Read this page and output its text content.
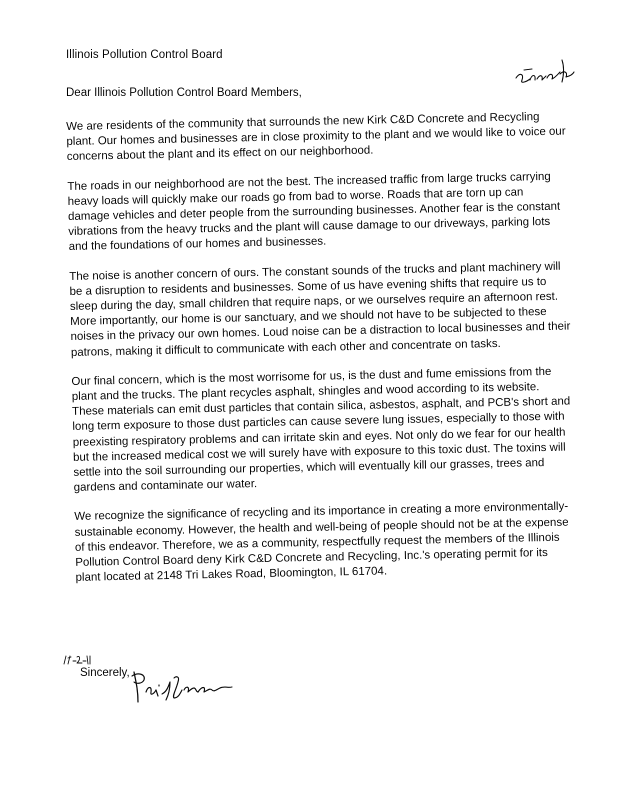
Illinois Pollution Control Board
Dear Illinois Pollution Control Board Members,

We are residents of the community that surrounds the new Kirk C&D Concrete and Recycling plant. Our homes and businesses are in close proximity to the plant and we would like to voice our concerns about the plant and its effect on our neighborhood.

The roads in our neighborhood are not the best. The increased traffic from large trucks carrying heavy loads will quickly make our roads go from bad to worse. Roads that are torn up can damage vehicles and deter people from the surrounding businesses. Another fear is the constant vibrations from the heavy trucks and the plant will cause damage to our driveways, parking lots and the foundations of our homes and businesses.

The noise is another concern of ours. The constant sounds of the trucks and plant machinery will be a disruption to residents and businesses. Some of us have evening shifts that require us to sleep during the day, small children that require naps, or we ourselves require an afternoon rest. More importantly, our home is our sanctuary, and we should not have to be subjected to these noises in the privacy our own homes. Loud noise can be a distraction to local businesses and their patrons, making it difficult to communicate with each other and concentrate on tasks.

Our final concern, which is the most worrisome for us, is the dust and fume emissions from the plant and the trucks. The plant recycles asphalt, shingles and wood according to its website. These materials can emit dust particles that contain silica, asbestos, asphalt, and PCB's short and long term exposure to those dust particles can cause severe lung issues, especially to those with preexisting respiratory problems and can irritate skin and eyes. Not only do we fear for our health but the increased medical cost we will surely have with exposure to this toxic dust. The toxins will settle into the soil surrounding our properties, which will eventually kill our grasses, trees and gardens and contaminate our water.

We recognize the significance of recycling and its importance in creating a more environmentally-sustainable economy. However, the health and well-being of people should not be at the expense of this endeavor. Therefore, we as a community, respectfully request the members of the Illinois Pollution Control Board deny Kirk C&D Concrete and Recycling, Inc.'s operating permit for its plant located at 2148 Tri Lakes Road, Bloomington, IL 61704.

Sincerely,
